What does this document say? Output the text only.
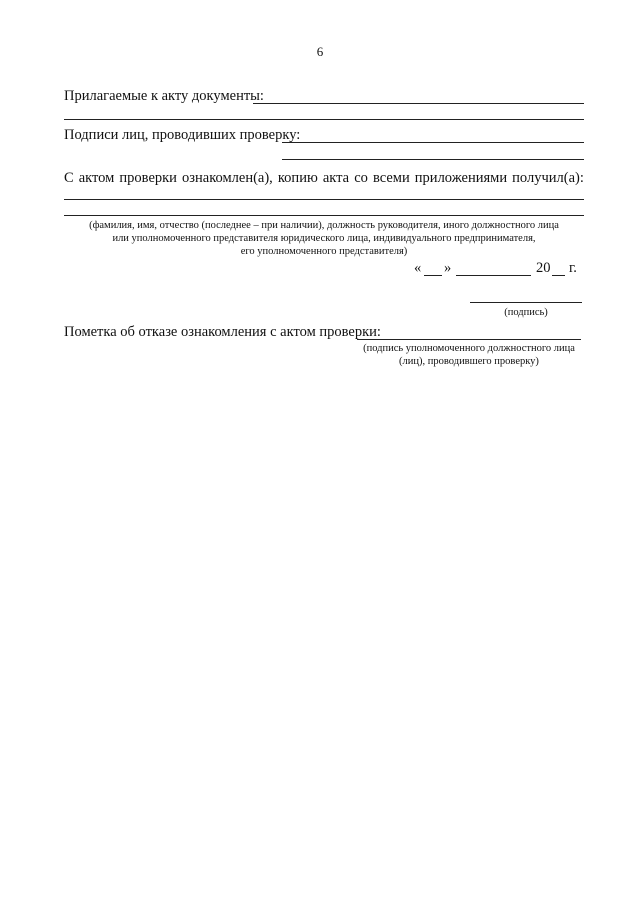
6
Прилагаемые к акту документы:
Подписи лиц, проводивших проверку:
С актом проверки ознакомлен(а), копию акта со всеми приложениями получил(а):
(фамилия, имя, отчество (последнее – при наличии), должность руководителя, иного должностного лица
или уполномоченного представителя юридического лица, индивидуального предпринимателя,
его уполномоченного представителя)
« »	20 г.
(подпись)
Пометка об отказе ознакомления с актом проверки:
(подпись уполномоченного должностного лица
(лиц), проводившего проверку)
